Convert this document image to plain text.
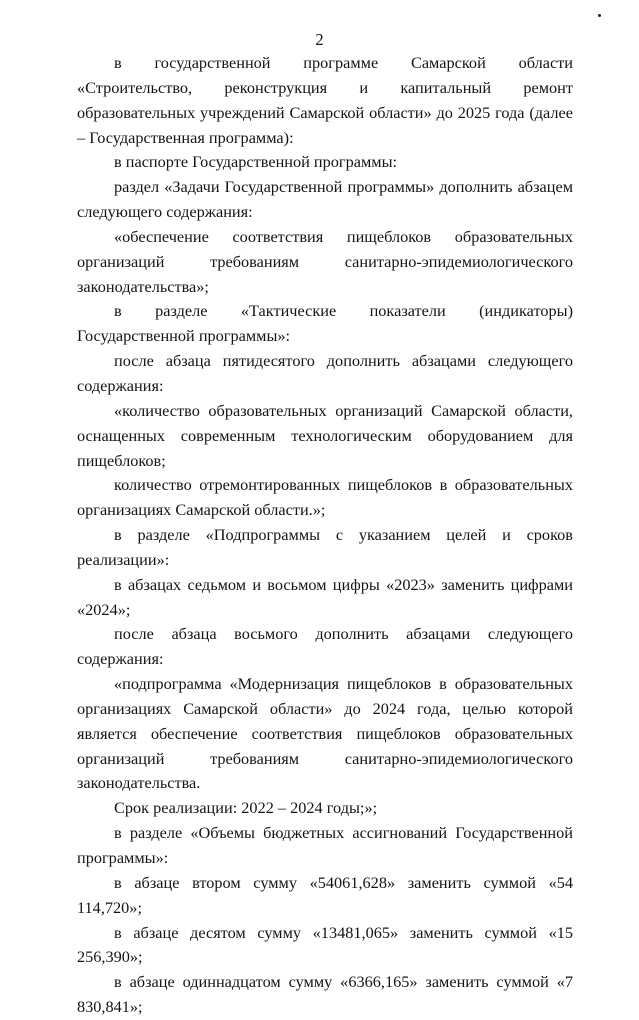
2

в государственной программе Самарской области «Строительство, реконструкция и капитальный ремонт образовательных учреждений Самарской области» до 2025 года (далее – Государственная программа):

в паспорте Государственной программы:

раздел «Задачи Государственной программы» дополнить абзацем следующего содержания:

«обеспечение соответствия пищеблоков образовательных организаций требованиям санитарно-эпидемиологического законодательства»;

в разделе «Тактические показатели (индикаторы) Государственной программы»:

после абзаца пятидесятого дополнить абзацами следующего содержания:

«количество образовательных организаций Самарской области, оснащенных современным технологическим оборудованием для пищеблоков;

количество отремонтированных пищеблоков в образовательных организациях Самарской области.»;

в разделе «Подпрограммы с указанием целей и сроков реализации»:

в абзацах седьмом и восьмом цифры «2023» заменить цифрами «2024»;

после абзаца восьмого дополнить абзацами следующего содержания:

«подпрограмма «Модернизация пищеблоков в образовательных организациях Самарской области» до 2024 года, целью которой является обеспечение соответствия пищеблоков образовательных организаций требованиям санитарно-эпидемиологического законодательства.

Срок реализации: 2022 – 2024 годы;»;

в разделе «Объемы бюджетных ассигнований Государственной программы»:

в абзаце втором сумму «54061,628» заменить суммой «54 114,720»;

в абзаце десятом сумму «13481,065» заменить суммой «15 256,390»;

в абзаце одиннадцатом сумму «6366,165» заменить суммой «7 830,841»;
